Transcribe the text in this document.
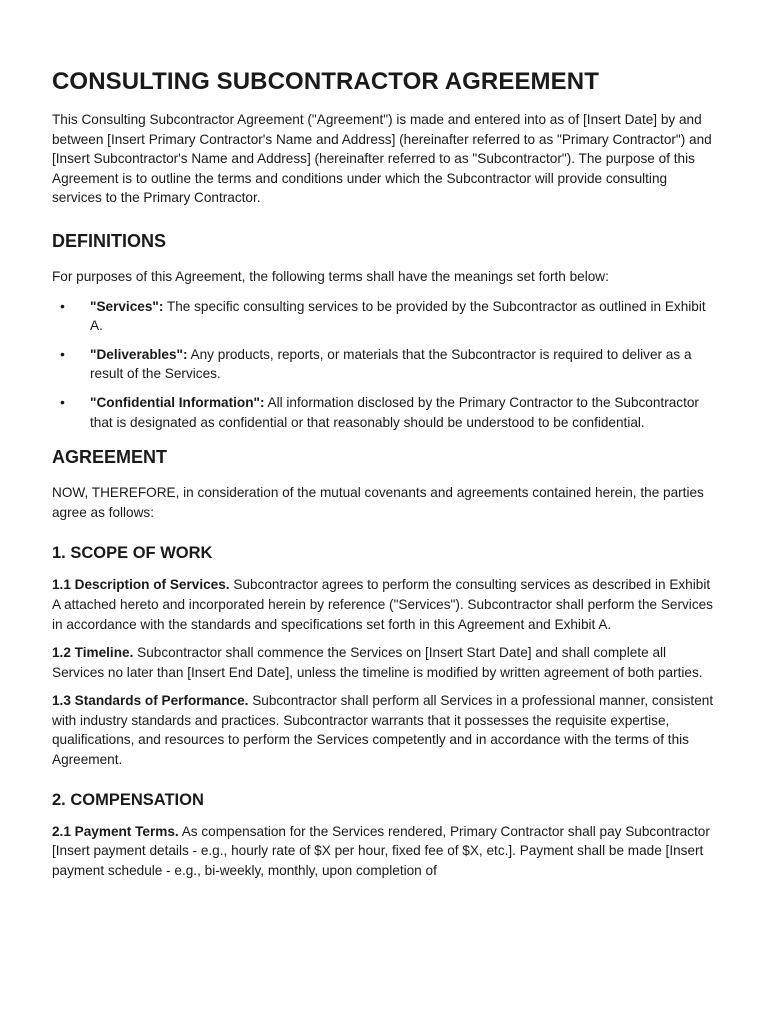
CONSULTING SUBCONTRACTOR AGREEMENT

This Consulting Subcontractor Agreement ("Agreement") is made and entered into as of [Insert Date] by and between [Insert Primary Contractor's Name and Address] (hereinafter referred to as "Primary Contractor") and [Insert Subcontractor's Name and Address] (hereinafter referred to as "Subcontractor"). The purpose of this Agreement is to outline the terms and conditions under which the Subcontractor will provide consulting services to the Primary Contractor.

DEFINITIONS

For purposes of this Agreement, the following terms shall have the meanings set forth below:

• "Services": The specific consulting services to be provided by the Subcontractor as outlined in Exhibit A.
• "Deliverables": Any products, reports, or materials that the Subcontractor is required to deliver as a result of the Services.
• "Confidential Information": All information disclosed by the Primary Contractor to the Subcontractor that is designated as confidential or that reasonably should be understood to be confidential.
AGREEMENT

NOW, THEREFORE, in consideration of the mutual covenants and agreements contained herein, the parties agree as follows:

1. SCOPE OF WORK

1.1 Description of Services. Subcontractor agrees to perform the consulting services as described in Exhibit A attached hereto and incorporated herein by reference ("Services"). Subcontractor shall perform the Services in accordance with the standards and specifications set forth in this Agreement and Exhibit A.

1.2 Timeline. Subcontractor shall commence the Services on [Insert Start Date] and shall complete all Services no later than [Insert End Date], unless the timeline is modified by written agreement of both parties.

1.3 Standards of Performance. Subcontractor shall perform all Services in a professional manner, consistent with industry standards and practices. Subcontractor warrants that it possesses the requisite expertise, qualifications, and resources to perform the Services competently and in accordance with the terms of this Agreement.

2. COMPENSATION

2.1 Payment Terms. As compensation for the Services rendered, Primary Contractor shall pay Subcontractor [Insert payment details - e.g., hourly rate of $X per hour, fixed fee of $X, etc.]. Payment shall be made [Insert payment schedule - e.g., bi-weekly, monthly, upon completion of
